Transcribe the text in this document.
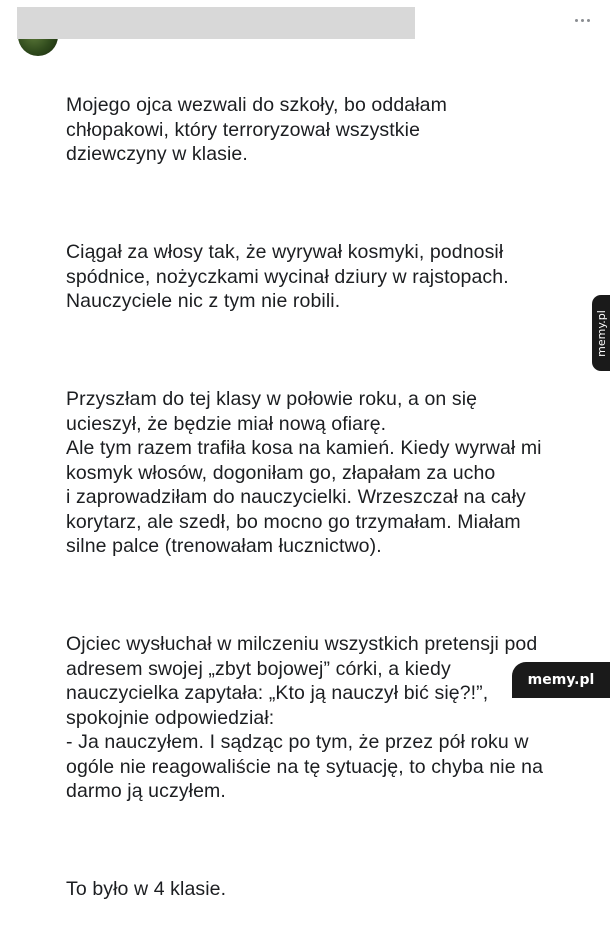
Mojego ojca wezwali do szkoły, bo oddałam
chłopakowi, który terroryzował wszystkie
dziewczyny w klasie.

Ciągał za włosy tak, że wyrywał kosmyki, podnosił
spódnice, nożyczkami wycinał dziury w rajstopach.
Nauczyciele nic z tym nie robili.

Przyszłam do tej klasy w połowie roku, a on się
ucieszył, że będzie miał nową ofiarę.
Ale tym razem trafiła kosa na kamień. Kiedy wyrwał mi
kosmyk włosów, dogoniłam go, złapałam za ucho
i zaprowadziłam do nauczycielki. Wrzeszczał na cały
korytarz, ale szedł, bo mocno go trzymałam. Miałam
silne palce (trenowałam łucznictwo).

Ojciec wysłuchał w milczeniu wszystkich pretensji pod
adresem swojej „zbyt bojowej” córki, a kiedy
nauczycielka zapytała: „Kto ją nauczył bić się?!”,
spokojnie odpowiedział:
- Ja nauczyłem. I sądząc po tym, że przez pół roku w
ogóle nie reagowaliście na tę sytuację, to chyba nie na
darmo ją uczyłem.

To było w 4 klasie.

memy.pl
memy.pl
